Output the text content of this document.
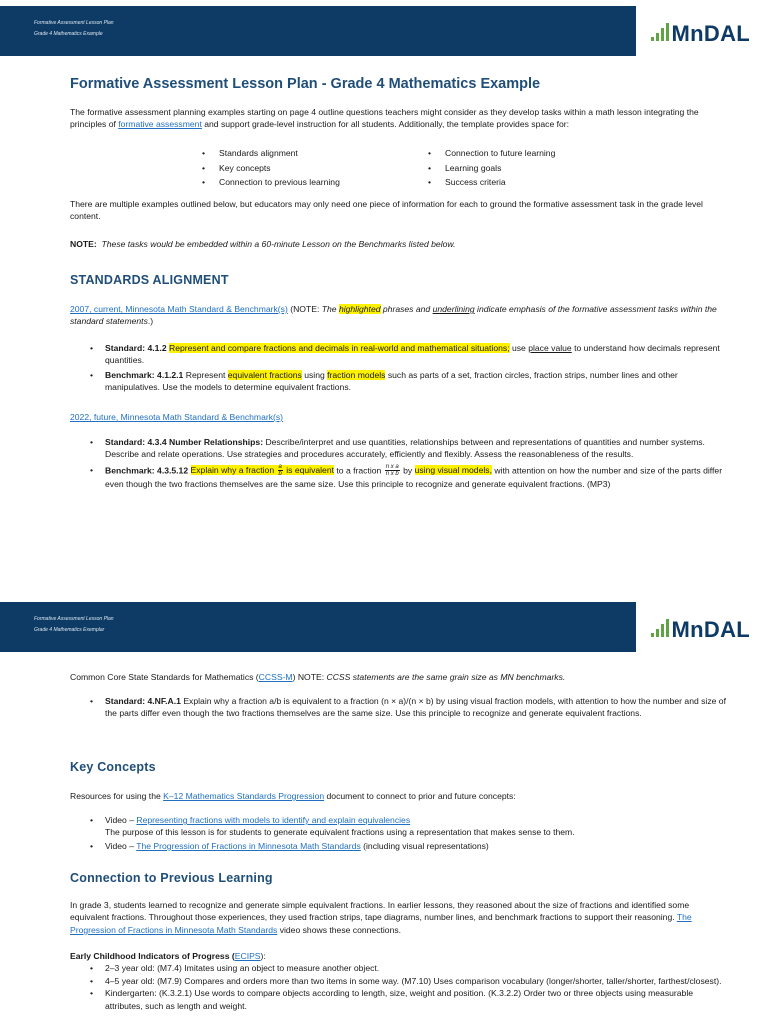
Formative Assessment Lesson Plan
Grade 4 Mathematics Example	MnDAL
Formative Assessment Lesson Plan - Grade 4 Mathematics Example

The formative assessment planning examples starting on page 4 outline questions teachers might consider as they develop tasks within a math lesson integrating the principles of formative assessment and support grade-level instruction for all students. Additionally, the template provides space for:

• Standards alignment
• Key concepts
• Connection to previous learning
• Connection to future learning
• Learning goals
• Success criteria

There are multiple examples outlined below, but educators may only need one piece of information for each to ground the formative assessment task in the grade level content.

NOTE: These tasks would be embedded within a 60-minute Lesson on the Benchmarks listed below.

STANDARDS ALIGNMENT

2007, current, Minnesota Math Standard & Benchmark(s) (NOTE: The highlighted phrases and underlining indicate emphasis of the formative assessment tasks within the standard statements.)

• Standard: 4.1.2 Represent and compare fractions and decimals in real-world and mathematical situations; use place value to understand how decimals represent quantities.
• Benchmark: 4.1.2.1 Represent equivalent fractions using fraction models such as parts of a set, fraction circles, fraction strips, number lines and other manipulatives. Use the models to determine equivalent fractions.

2022, future, Minnesota Math Standard & Benchmark(s)

• Standard: 4.3.4 Number Relationships: Describe/interpret and use quantities, relationships between and representations of quantities and number systems. Describe and relate operations. Use strategies and procedures accurately, efficiently and flexibly. Assess the reasonableness of the results.
• Benchmark: 4.3.5.12 Explain why a fraction $\frac{a}{b}$ is equivalent to a fraction $\frac{\text{n x a}}{\text{n x b}}$ by using visual models, with attention on how the number and size of the parts differ even though the two fractions themselves are the same size. Use this principle to recognize and generate equivalent fractions. (MP3)
Formative Assessment Lesson Plan
Grade 4 Mathematics Exemplar	MnDAL

Common Core State Standards for Mathematics (CCSS-M) NOTE: CCSS statements are the same grain size as MN benchmarks.

• Standard: 4.NF.A.1 Explain why a fraction a/b is equivalent to a fraction (n × a)/(n × b) by using visual fraction models, with attention to how the number and size of the parts differ even though the two fractions themselves are the same size. Use this principle to recognize and generate equivalent fractions.
Key Concepts

Resources for using the K–12 Mathematics Standards Progression document to connect to prior and future concepts:

• Video – Representing fractions with models to identify and explain equivalencies
The purpose of this lesson is for students to generate equivalent fractions using a representation that makes sense to them.
• Video – The Progression of Fractions in Minnesota Math Standards (including visual representations)
Connection to Previous Learning

In grade 3, students learned to recognize and generate simple equivalent fractions. In earlier lessons, they reasoned about the size of fractions and identified some equivalent fractions. Throughout those experiences, they used fraction strips, tape diagrams, number lines, and benchmark fractions to support their reasoning. The Progression of Fractions in Minnesota Math Standards video shows these connections.

Early Childhood Indicators of Progress (ECIPS):

• 2–3 year old: (M7.4) Imitates using an object to measure another object.
• 4–5 year old: (M7.9) Compares and orders more than two items in some way. (M7.10) Uses comparison vocabulary (longer/shorter, taller/shorter, farthest/closest).
• Kindergarten: (K.3.2.1) Use words to compare objects according to length, size, weight and position. (K.3.2.2) Order two or three objects using measurable attributes, such as length and weight.
